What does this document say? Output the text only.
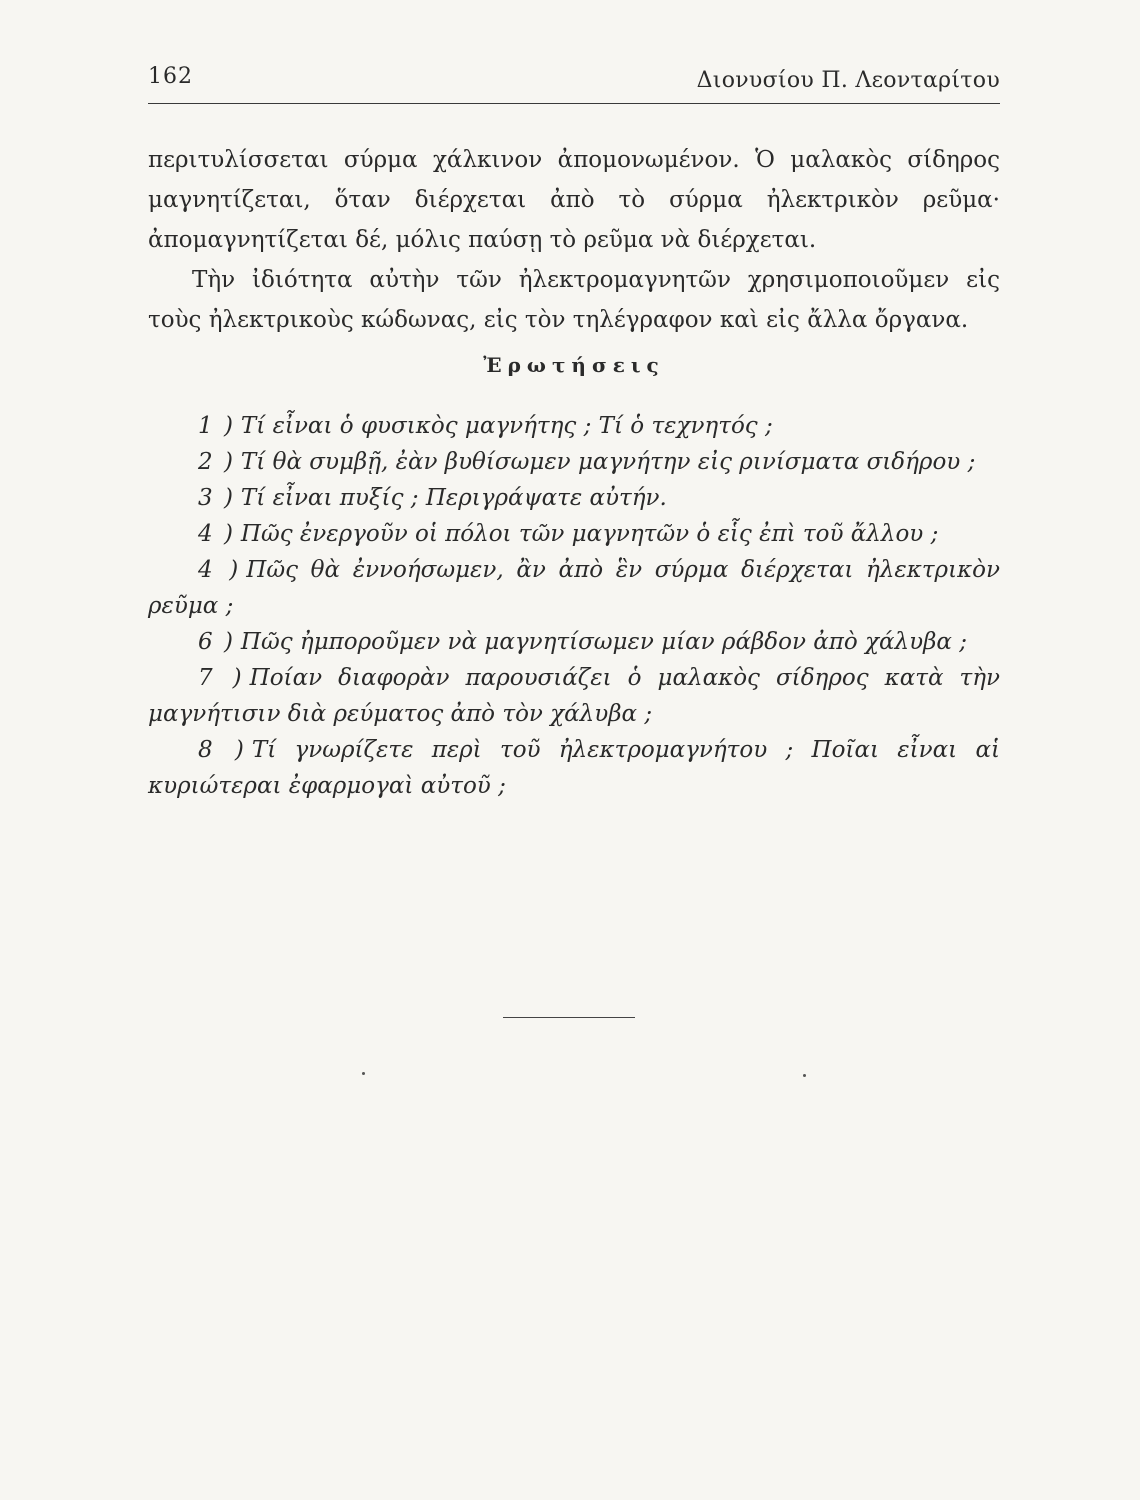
162	Διονυσίου Π. Λεονταρίτου

περιτυλίσσεται σύρμα χάλκινον ἀπομονωμένον. Ὁ μαλακὸς σίδηρος μαγνητίζεται, ὅταν διέρχεται ἀπὸ τὸ σύρμα ἠλεκτρικὸν ρεῦμα· ἀπομαγνητίζεται δέ, μόλις παύσῃ τὸ ρεῦμα νὰ διέρχεται.

Τὴν ἰδιότητα αὐτὴν τῶν ἠλεκτρομαγνητῶν χρησιμοποιοῦμεν εἰς τοὺς ἠλεκτρικοὺς κώδωνας, εἰς τὸν τηλέγραφον καὶ εἰς ἄλλα ὄργανα.

Ἐρωτήσεις

1 ) Τί εἶναι ὁ φυσικὸς μαγνήτης ; Τί ὁ τεχνητός ;

2 ) Τί θὰ συμβῇ, ἐὰν βυθίσωμεν μαγνήτην εἰς ρινίσματα σιδήρου ;

3 ) Τί εἶναι πυξίς ; Περιγράψατε αὐτήν.

4 ) Πῶς ἐνεργοῦν οἱ πόλοι τῶν μαγνητῶν ὁ εἷς ἐπὶ τοῦ ἄλλου ;

4 ) Πῶς θὰ ἐννοήσωμεν, ἂν ἀπὸ ἓν σύρμα διέρχεται ἠλεκτρικὸν ρεῦμα ;

6 ) Πῶς ἠμποροῦμεν νὰ μαγνητίσωμεν μίαν ράβδον ἀπὸ χάλυβα ;

7 ) Ποίαν διαφορὰν παρουσιάζει ὁ μαλακὸς σίδηρος κατὰ τὴν μαγνήτισιν διὰ ρεύματος ἀπὸ τὸν χάλυβα ;

8 ) Τί γνωρίζετε περὶ τοῦ ἠλεκτρομαγνήτου ; Ποῖαι εἶναι αἱ κυριώτεραι ἐφαρμογαὶ αὐτοῦ ;
